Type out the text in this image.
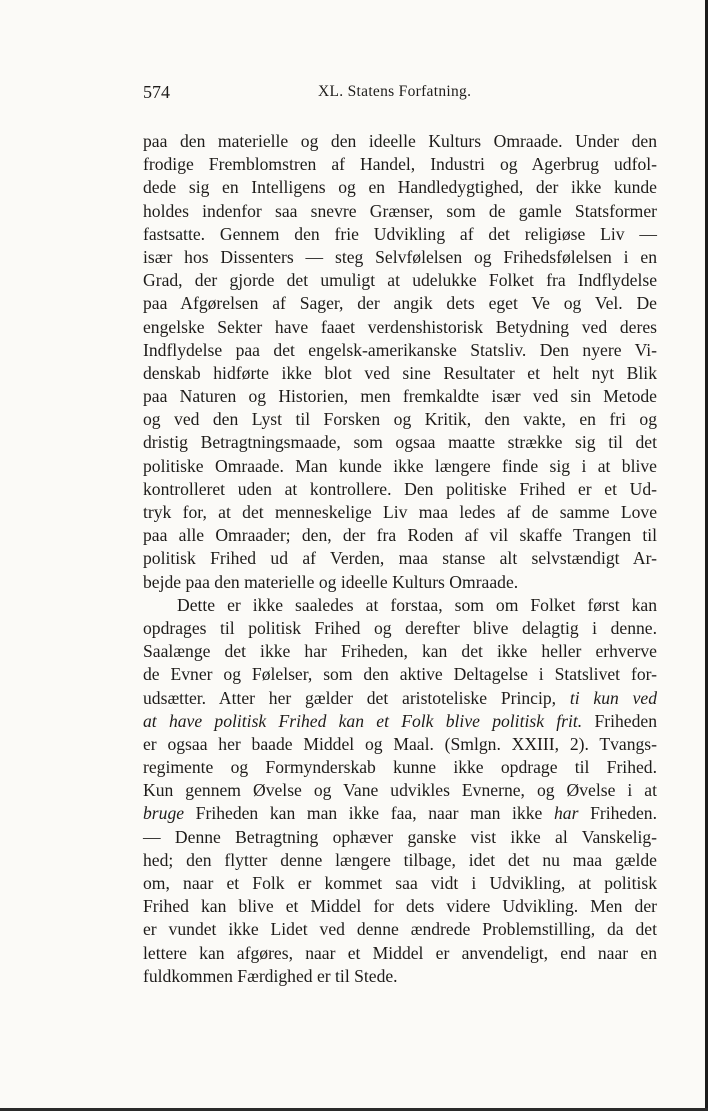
574	XL. Statens Forfatning.
paa den materielle og den ideelle Kulturs Omraade. Under den
frodige Fremblomstren af Handel, Industri og Agerbrug udfol-
dede sig en Intelligens og en Handledygtighed, der ikke kunde
holdes indenfor saa snevre Grænser, som de gamle Statsformer
fastsatte. Gennem den frie Udvikling af det religiøse Liv —
især hos Dissenters — steg Selvfølelsen og Frihedsfølelsen i en
Grad, der gjorde det umuligt at udelukke Folket fra Indflydelse
paa Afgørelsen af Sager, der angik dets eget Ve og Vel. De
engelske Sekter have faaet verdenshistorisk Betydning ved deres
Indflydelse paa det engelsk-amerikanske Statsliv. Den nyere Vi-
denskab hidførte ikke blot ved sine Resultater et helt nyt Blik
paa Naturen og Historien, men fremkaldte især ved sin Metode
og ved den Lyst til Forsken og Kritik, den vakte, en fri og
dristig Betragtningsmaade, som ogsaa maatte strække sig til det
politiske Omraade. Man kunde ikke længere finde sig i at blive
kontrolleret uden at kontrollere. Den politiske Frihed er et Ud-
tryk for, at det menneskelige Liv maa ledes af de samme Love
paa alle Omraader; den, der fra Roden af vil skaffe Trangen til
politisk Frihed ud af Verden, maa stanse alt selvstændigt Ar-
bejde paa den materielle og ideelle Kulturs Omraade.
Dette er ikke saaledes at forstaa, som om Folket først kan
opdrages til politisk Frihed og derefter blive delagtig i denne.
Saalænge det ikke har Friheden, kan det ikke heller erhverve
de Evner og Følelser, som den aktive Deltagelse i Statslivet for-
udsætter. Atter her gælder det aristoteliske Princip, ti kun ved
at have politisk Frihed kan et Folk blive politisk frit. Friheden
er ogsaa her baade Middel og Maal. (Smlgn. XXIII, 2). Tvangs-
regimente og Formynderskab kunne ikke opdrage til Frihed.
Kun gennem Øvelse og Vane udvikles Evnerne, og Øvelse i at
bruge Friheden kan man ikke faa, naar man ikke har Friheden.
— Denne Betragtning ophæver ganske vist ikke al Vanskelig-
hed; den flytter denne længere tilbage, idet det nu maa gælde
om, naar et Folk er kommet saa vidt i Udvikling, at politisk
Frihed kan blive et Middel for dets videre Udvikling. Men der
er vundet ikke Lidet ved denne ændrede Problemstilling, da det
lettere kan afgøres, naar et Middel er anvendeligt, end naar en
fuldkommen Færdighed er til Stede.
